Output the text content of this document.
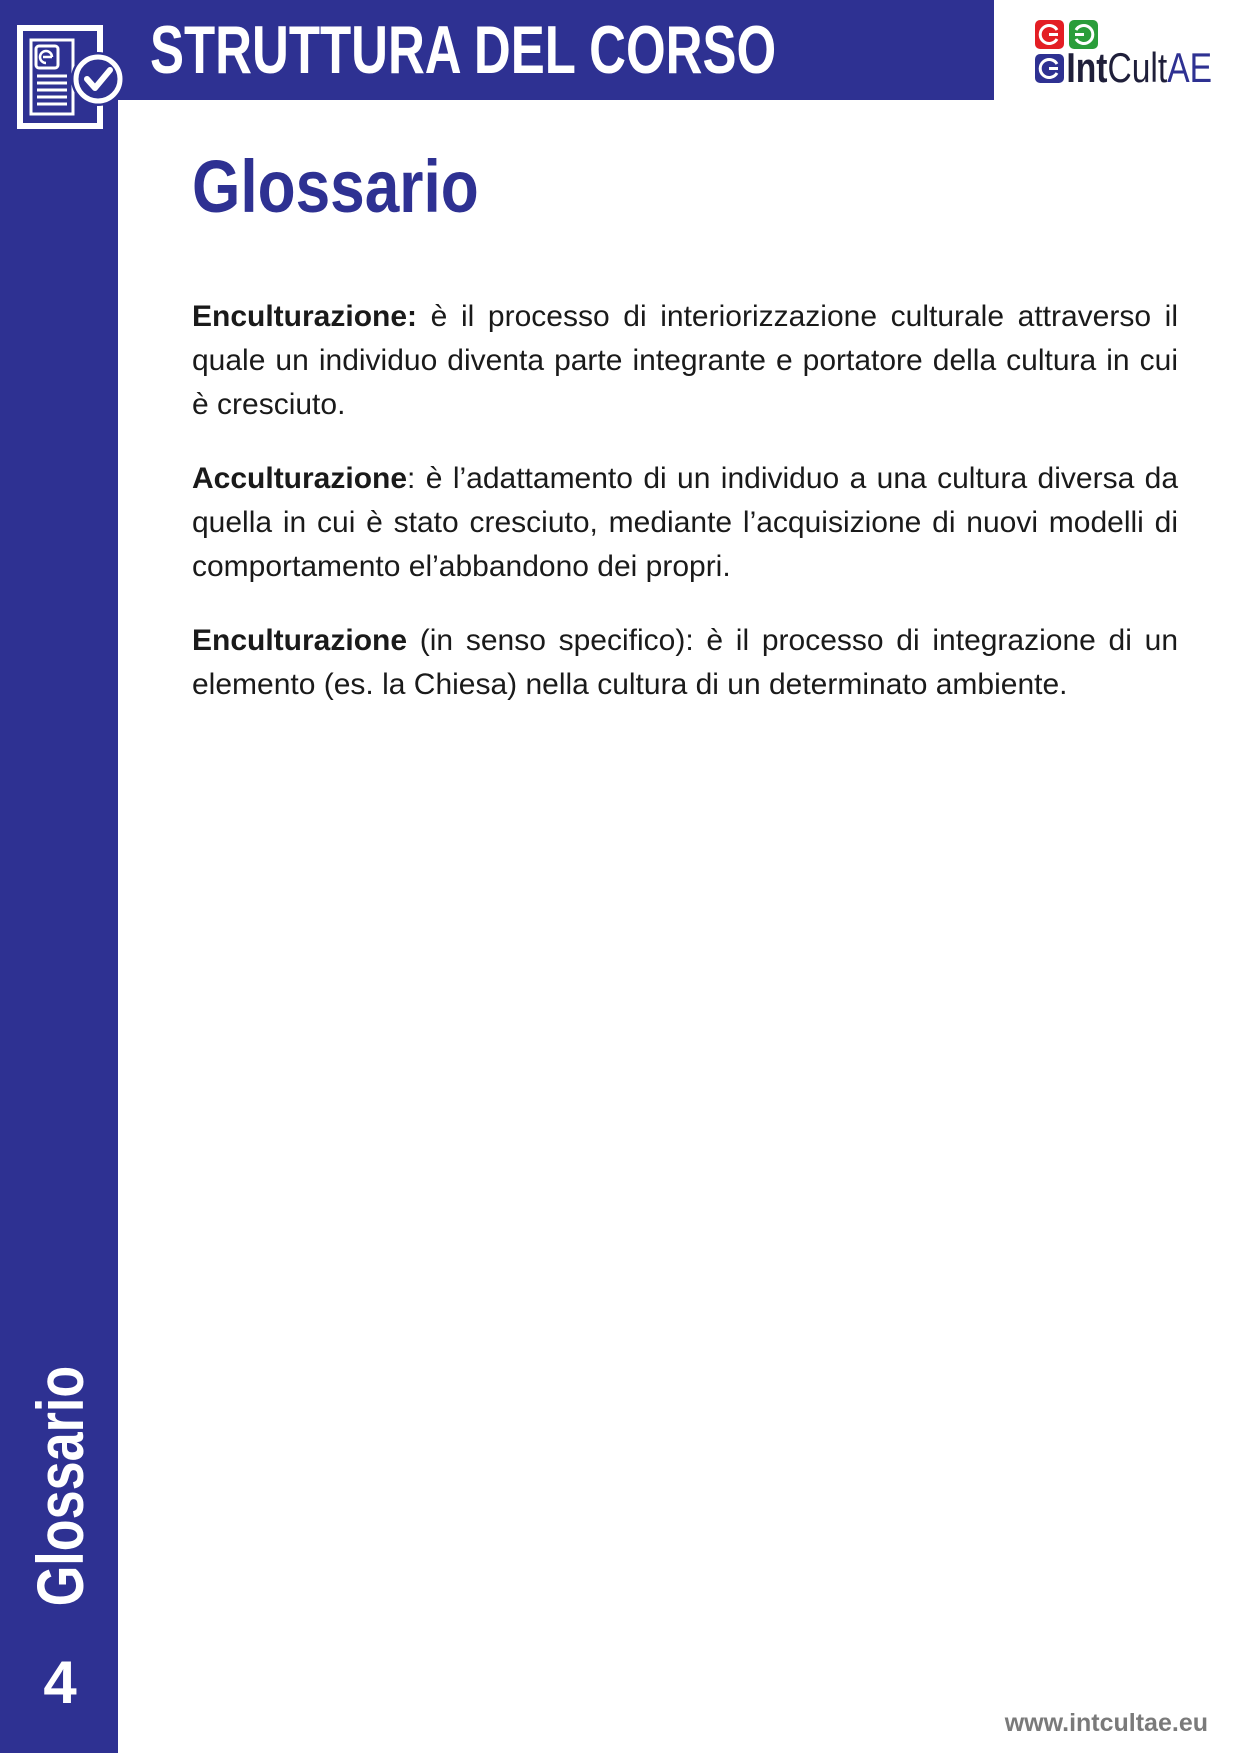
STRUTTURA DEL CORSO	IntCultAE
Glossario

Enculturazione: è il processo di interiorizzazione culturale attraverso il quale un individuo diventa parte integrante e portatore della cultura in cui è cresciuto.

Acculturazione: è l’adattamento di un individuo a una cultura diversa da quella in cui è stato cresciuto, mediante l’acquisizione di nuovi modelli di comportamento el’abbandono dei propri.

Enculturazione (in senso specifico): è il processo di integrazione di un elemento (es. la Chiesa) nella cultura di un determinato ambiente.

Glossario
4
www.intcultae.eu
